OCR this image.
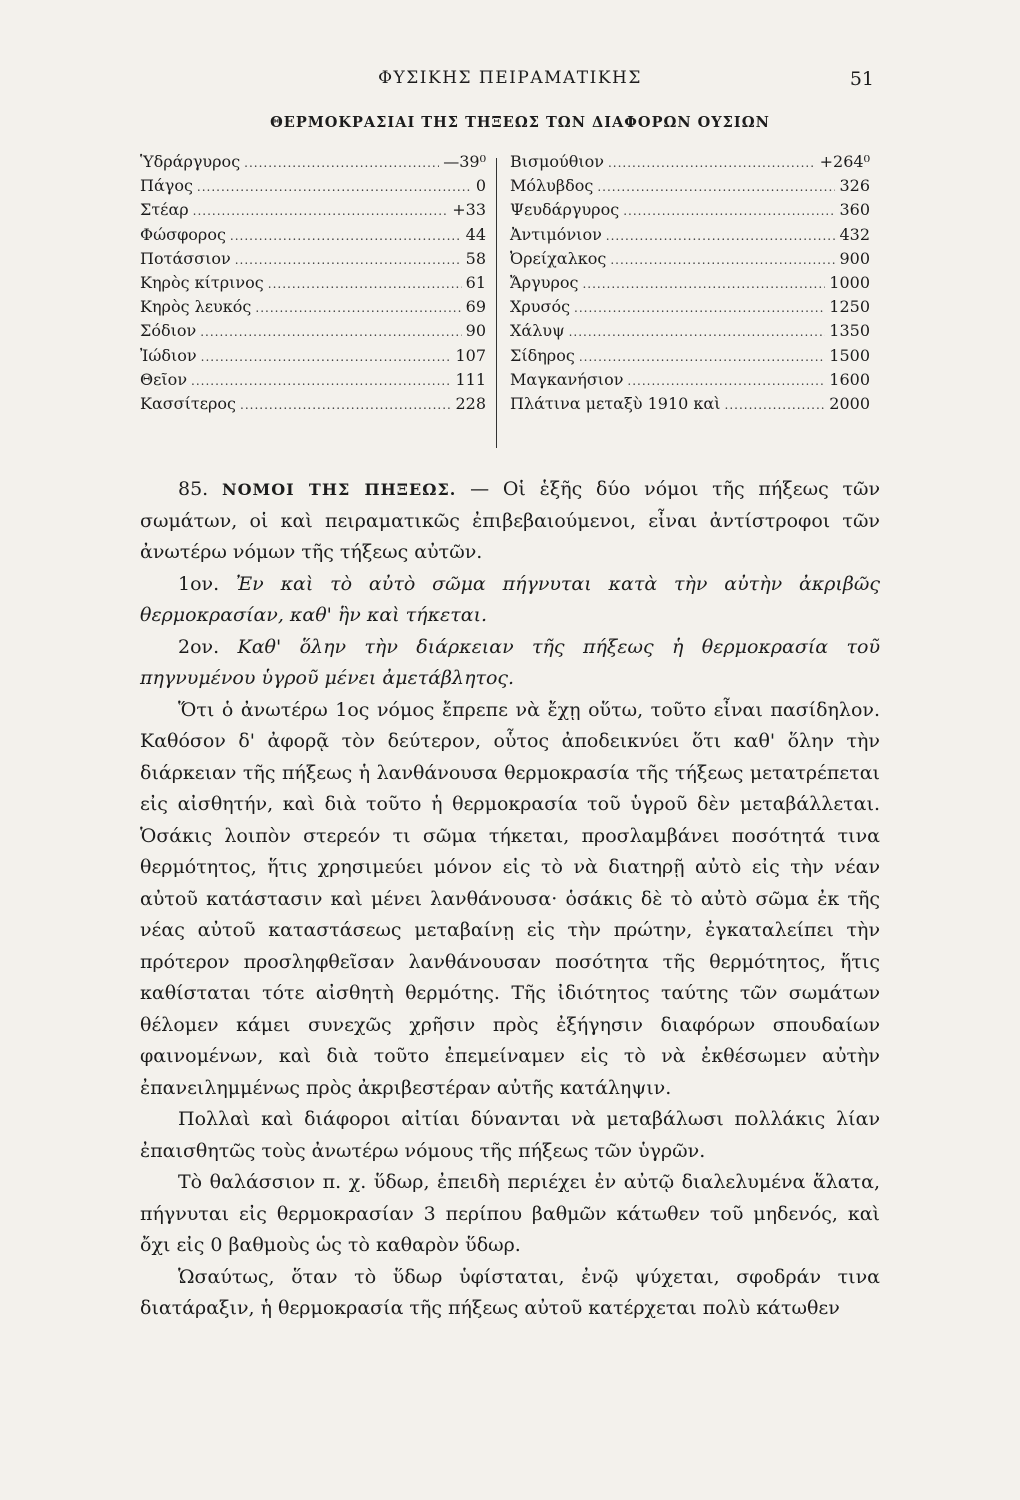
ΦΥΣΙΚΗΣ ΠΕΙΡΑΜΑΤΙΚΗΣ	51
ΘΕΡΜΟΚΡΑΣΙΑΙ ΤΗΣ ΤΗΞΕΩΣ ΤΩΝ ΔΙΑΦΟΡΩΝ ΟΥΣΙΩΝ
Ὑδράργυρος .....	—39⁰
Πάγος .....	0
Στέαρ .....	+33
Φώσφορος .....	44
Ποτάσσιον .....	58
Κηρὸς κίτρινος .....	61
Κηρὸς λευκός .....	69
Σόδιον .....	90
Ἰώδιον .....	107
Θεῖον .....	111
Κασσίτερος .....	228
Βισμούθιον .....	+264⁰
Μόλυβδος .....	326
Ψευδάργυρος .....	360
Ἀντιμόνιον .....	432
Ὀρείχαλκος .....	900
Ἄργυρος .....	1000
Χρυσός .....	1250
Χάλυψ .....	1350
Σίδηρος .....	1500
Μαγκανήσιον .....	1600
Πλάτινα μεταξὺ 1910 καὶ .....	2000

85. ΝΟΜΟΙ ΤΗΣ ΠΗΞΕΩΣ. — Οἱ ἑξῆς δύο νόμοι τῆς πήξεως τῶν σωμάτων, οἱ καὶ πειραματικῶς ἐπιβεβαιούμενοι, εἶναι ἀντίστροφοι τῶν ἀνωτέρω νόμων τῆς τήξεως αὐτῶν.

1ον. Ἐν καὶ τὸ αὐτὸ σῶμα πήγνυται κατὰ τὴν αὐτὴν ἀκριβῶς θερμοκρασίαν, καθ' ἣν καὶ τήκεται.

2ον. Καθ' ὅλην τὴν διάρκειαν τῆς πήξεως ἡ θερμοκρασία τοῦ πηγνυμένου ὑγροῦ μένει ἀμετάβλητος.

Ὅτι ὁ ἀνωτέρω 1ος νόμος ἔπρεπε νὰ ἔχῃ οὕτω, τοῦτο εἶναι πασίδηλον. Καθόσον δ' ἀφορᾷ τὸν δεύτερον, οὗτος ἀποδεικνύει ὅτι καθ' ὅλην τὴν διάρκειαν τῆς πήξεως ἡ λανθάνουσα θερμοκρασία τῆς τήξεως μετατρέπεται εἰς αἰσθητήν, καὶ διὰ τοῦτο ἡ θερμοκρασία τοῦ ὑγροῦ δὲν μεταβάλλεται. Ὁσάκις λοιπὸν στερεόν τι σῶμα τήκεται, προσλαμβάνει ποσότητά τινα θερμότητος, ἥτις χρησιμεύει μόνον εἰς τὸ νὰ διατηρῇ αὐτὸ εἰς τὴν νέαν αὐτοῦ κατάστασιν καὶ μένει λανθάνουσα· ὁσάκις δὲ τὸ αὐτὸ σῶμα ἐκ τῆς νέας αὐτοῦ καταστάσεως μεταβαίνῃ εἰς τὴν πρώτην, ἐγκαταλείπει τὴν πρότερον προσληφθεῖσαν λανθάνουσαν ποσότητα τῆς θερμότητος, ἥτις καθίσταται τότε αἰσθητὴ θερμότης. Τῆς ἰδιότητος ταύτης τῶν σωμάτων θέλομεν κάμει συνεχῶς χρῆσιν πρὸς ἐξήγησιν διαφόρων σπουδαίων φαινομένων, καὶ διὰ τοῦτο ἐπεμείναμεν εἰς τὸ νὰ ἐκθέσωμεν αὐτὴν ἐπανειλημμένως πρὸς ἀκριβεστέραν αὐτῆς κατάληψιν.

Πολλαὶ καὶ διάφοροι αἰτίαι δύνανται νὰ μεταβάλωσι πολλάκις λίαν ἐπαισθητῶς τοὺς ἀνωτέρω νόμους τῆς πήξεως τῶν ὑγρῶν.

Τὸ θαλάσσιον π. χ. ὕδωρ, ἐπειδὴ περιέχει ἐν αὐτῷ διαλελυμένα ἅλατα, πήγνυται εἰς θερμοκρασίαν 3 περίπου βαθμῶν κάτωθεν τοῦ μηδενός, καὶ ὄχι εἰς 0 βαθμοὺς ὡς τὸ καθαρὸν ὕδωρ.

Ὡσαύτως, ὅταν τὸ ὕδωρ ὑφίσταται, ἐνῷ ψύχεται, σφοδράν τινα διατάραξιν, ἡ θερμοκρασία τῆς πήξεως αὐτοῦ κατέρχεται πολὺ κάτωθεν
